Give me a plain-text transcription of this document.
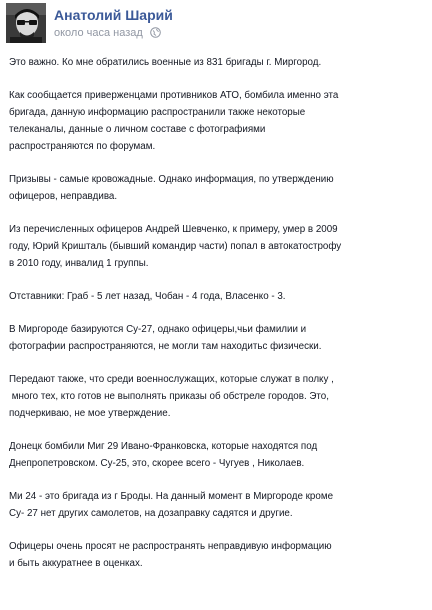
Анатолий Шарий
около часа назад

Это важно. Ко мне обратились военные из 831 бригады г. Миргород.

Как сообщается приверженцами противников АТО, бомбила именно эта
бригада, данную информацию распространили также некоторые
телеканалы, данные о личном составе с фотографиями
распространяются по форумам.

Призывы - самые кровожадные. Однако информация, по утверждению
офицеров, неправдива.

Из перечисленных офицеров Андрей Шевченко, к примеру, умер в 2009
году, Юрий Кришталь (бывший командир части) попал в автокатострофу
в 2010 году, инвалид 1 группы.

Отставники: Граб - 5 лет назад, Чобан - 4 года, Власенко - 3.

В Миргороде базируются Су-27, однако офицеры,чьи фамилии и
фотографии распространяются, не могли там находитьс физически.

Передают также, что среди военнослужащих, которые служат в полку ,
много тех, кто готов не выполнять приказы об обстреле городов. Это,
подчеркиваю, не мое утверждение.

Донецк бомбили Миг 29 Ивано-Франковска, которые находятся под
Днепропетровском. Су-25, это, скорее всего - Чугуев , Николаев.

Ми 24 - это бригада из г Броды. На данный момент в Миргороде кроме
Су- 27 нет других самолетов, на дозаправку садятся и другие.

Офицеры очень просят не распространять неправдивую информацию
и быть аккуратнее в оценках.
